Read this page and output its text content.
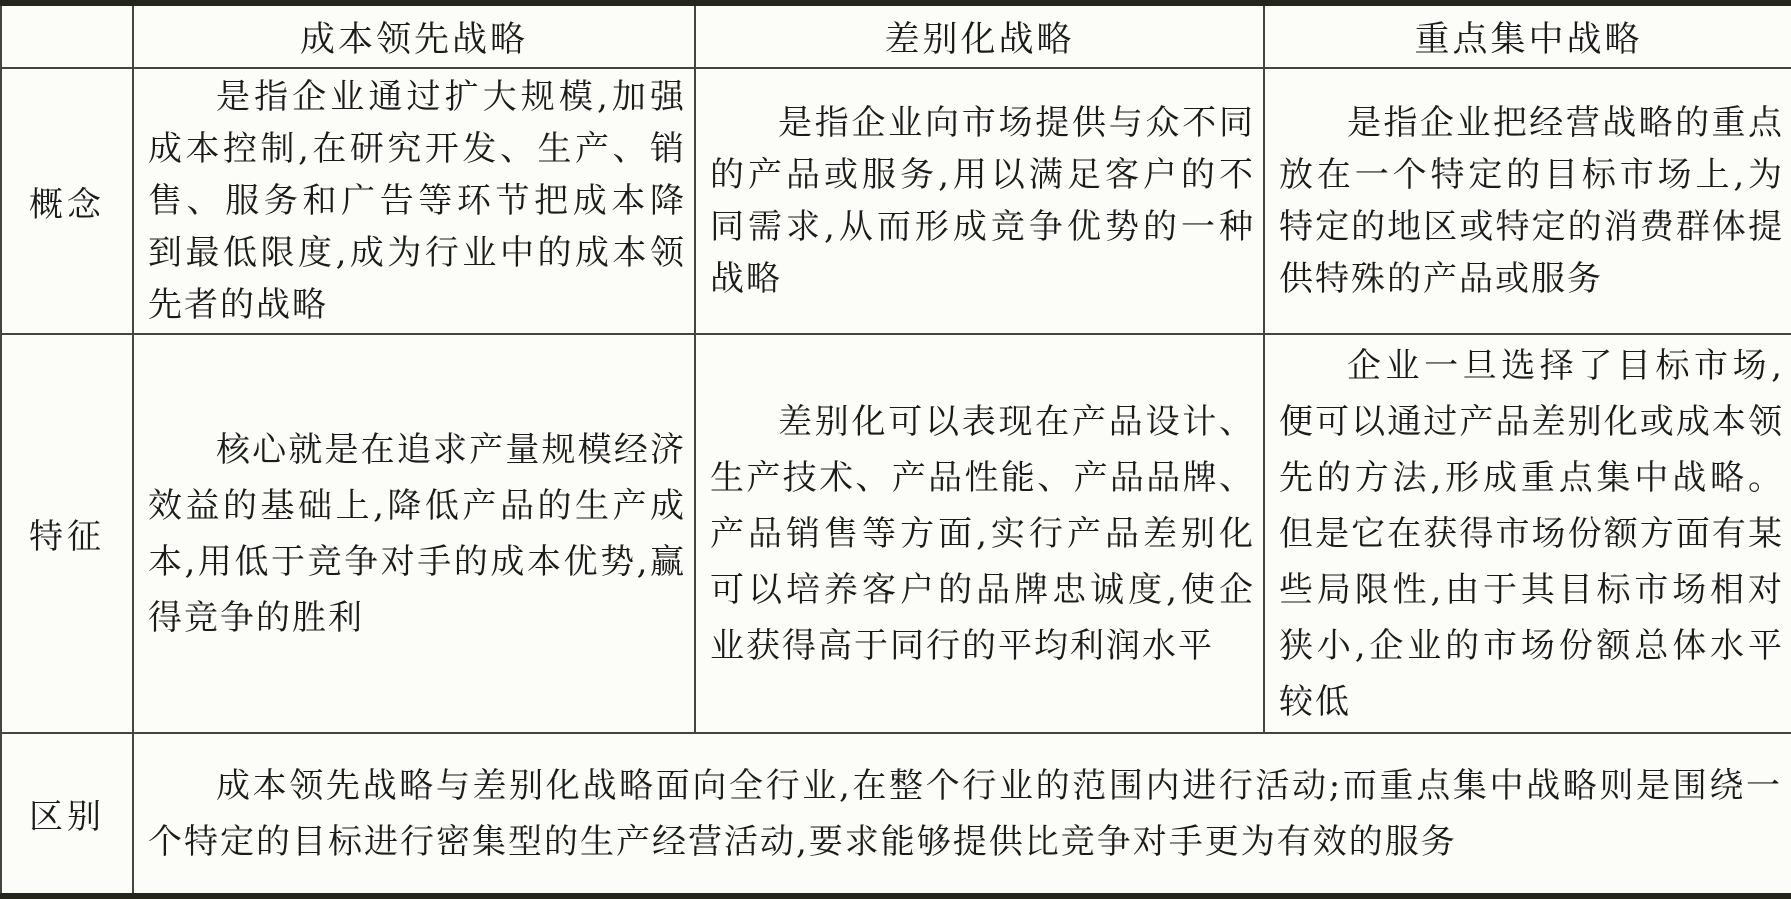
	成本领先战略	差别化战略	重点集中战略
概念	是指企业通过扩大规模,加强成本控制,在研究开发、生产、销售、服务和广告等环节把成本降到最低限度,成为行业中的成本领先者的战略	是指企业向市场提供与众不同的产品或服务,用以满足客户的不同需求,从而形成竞争优势的一种战略	是指企业把经营战略的重点放在一个特定的目标市场上,为特定的地区或特定的消费群体提供特殊的产品或服务

特征	核心就是在追求产量规模经济效益的基础上,降低产品的生产成本,用低于竞争对手的成本优势,赢得竞争的胜利	差别化可以表现在产品设计、生产技术、产品性能、产品品牌、产品销售等方面,实行产品差别化可以培养客户的品牌忠诚度,使企业获得高于同行的平均利润水平	企业一旦选择了目标市场,便可以通过产品差别化或成本领先的方法,形成重点集中战略。但是它在获得市场份额方面有某些局限性,由于其目标市场相对狭小,企业的市场份额总体水平较低

区别	成本领先战略与差别化战略面向全行业,在整个行业的范围内进行活动;而重点集中战略则是围绕一个特定的目标进行密集型的生产经营活动,要求能够提供比竞争对手更为有效的服务		
